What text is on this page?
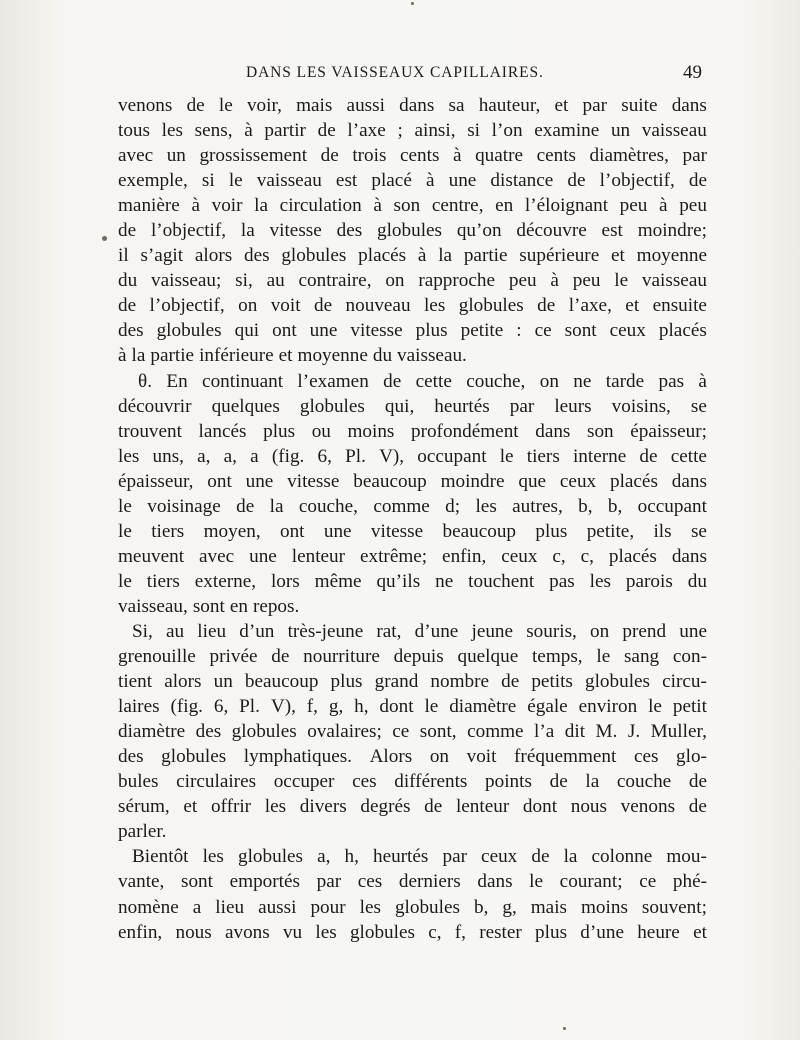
DANS LES VAISSEAUX CAPILLAIRES.	49
venons de le voir, mais aussi dans sa hauteur, et par suite dans
tous les sens, à partir de l’axe ; ainsi, si l’on examine un vaisseau
avec un grossissement de trois cents à quatre cents diamètres, par
exemple, si le vaisseau est placé à une distance de l’objectif, de
manière à voir la circulation à son centre, en l’éloignant peu à peu
de l’objectif, la vitesse des globules qu’on découvre est moindre;
il s’agit alors des globules placés à la partie supérieure et moyenne
du vaisseau; si, au contraire, on rapproche peu à peu le vaisseau
de l’objectif, on voit de nouveau les globules de l’axe, et ensuite
des globules qui ont une vitesse plus petite : ce sont ceux placés
à la partie inférieure et moyenne du vaisseau.
θ. En continuant l’examen de cette couche, on ne tarde pas à
découvrir quelques globules qui, heurtés par leurs voisins, se
trouvent lancés plus ou moins profondément dans son épaisseur;
les uns, a, a, a (fig. 6, Pl. V), occupant le tiers interne de cette
épaisseur, ont une vitesse beaucoup moindre que ceux placés dans
le voisinage de la couche, comme d; les autres, b, b, occupant
le tiers moyen, ont une vitesse beaucoup plus petite, ils se
meuvent avec une lenteur extrême; enfin, ceux c, c, placés dans
le tiers externe, lors même qu’ils ne touchent pas les parois du
vaisseau, sont en repos.
Si, au lieu d’un très-jeune rat, d’une jeune souris, on prend une
grenouille privée de nourriture depuis quelque temps, le sang con-
tient alors un beaucoup plus grand nombre de petits globules circu-
laires (fig. 6, Pl. V), f, g, h, dont le diamètre égale environ le petit
diamètre des globules ovalaires; ce sont, comme l’a dit M. J. Muller,
des globules lymphatiques. Alors on voit fréquemment ces glo-
bules circulaires occuper ces différents points de la couche de
sérum, et offrir les divers degrés de lenteur dont nous venons de
parler.
Bientôt les globules a, h, heurtés par ceux de la colonne mou-
vante, sont emportés par ces derniers dans le courant; ce phé-
nomène a lieu aussi pour les globules b, g, mais moins souvent;
enfin, nous avons vu les globules c, f, rester plus d’une heure et
